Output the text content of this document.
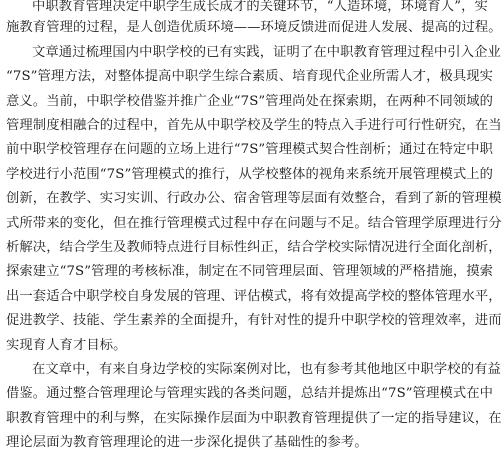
中职教育管理决定中职学生成长成才的关键环节，“人造环境，环境育人”，实
施教育管理的过程，是人创造优质环境——环境反馈进而促进人发展、提高的过程。
文章通过梳理国内中职学校的已有实践，证明了在中职教育管理过程中引入企业
“7S”管理方法，对整体提高中职学生综合素质、培育现代企业所需人才，极具现实
意义。当前，中职学校借鉴并推广企业“7S”管理尚处在探索期，在两种不同领域的
管理制度相融合的过程中，首先从中职学校及学生的特点入手进行可行性研究，在当
前中职学校管理存在问题的立场上进行“7S”管理模式契合性剖析；通过在特定中职
学校进行小范围“7S”管理模式的推行，从学校整体的视角来系统开展管理模式上的
创新，在教学、实习实训、行政办公、宿舍管理等层面有效整合，看到了新的管理模
式所带来的变化，但在推行管理模式过程中存在问题与不足。结合管理学原理进行分
析解决，结合学生及教师特点进行目标性纠正，结合学校实际情况进行全面化剖析，
探索建立“7S”管理的考核标准，制定在不同管理层面、管理领域的严格措施，摸索
出一套适合中职学校自身发展的管理、评估模式，将有效提高学校的整体管理水平，
促进教学、技能、学生素养的全面提升，有针对性的提升中职学校的管理效率，进而
实现育人育才目标。
在文章中，有来自身边学校的实际案例对比，也有参考其他地区中职学校的有益
借鉴。通过整合管理理论与管理实践的各类问题，总结并提炼出“7S”管理模式在中
职教育管理中的利与弊，在实际操作层面为中职教育管理提供了一定的指导建议，在
理论层面为教育管理理论的进一步深化提供了基础性的参考。
